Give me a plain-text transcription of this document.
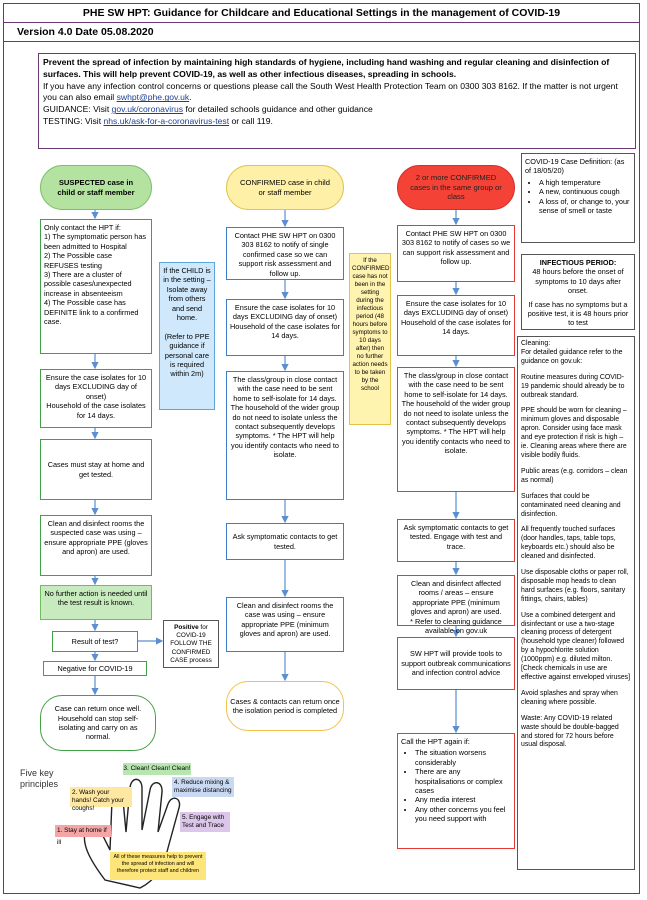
PHE SW HPT: Guidance for Childcare and Educational Settings in the management of COVID-19
Version 4.0 Date 05.08.2020

Prevent the spread of infection by maintaining high standards of hygiene, including hand washing and regular cleaning and disinfection of surfaces. This will help prevent COVID-19, as well as other infectious diseases, spreading in schools.

If you have any infection control concerns or questions please call the South West Health Protection Team on 0300 303 8162. If the matter is not urgent you can also email swhpt@phe.gov.uk.

GUIDANCE: Visit gov.uk/coronavirus for detailed schools guidance and other guidance

TESTING: Visit nhs.uk/ask-for-a-coronavirus-test or call 119.

SUSPECTED case in child or staff member
Only contact the HPT if:
1) The symptomatic person has been admitted to Hospital
2) The Possible case REFUSES testing
3) There are a cluster of possible cases/unexpected increase in absenteeism
4) The Possible case has DEFINITE link to a confirmed case.
Ensure the case isolates for 10 days EXCLUDING day of onset)
Household of the case isolates for 14 days.
Cases must stay at home and get tested.
Clean and disinfect rooms the suspected case was using – ensure appropriate PPE (gloves and apron) are used.
No further action is needed until the test result is known.
Result of test?
Negative for COVID-19
Case can return once well. Household can stop self-isolating and carry on as normal.
If the CHILD is in the setting – Isolate away from others and send home.

(Refer to PPE guidance if personal care is required within 2m)
Positive for COVID-19 FOLLOW THE CONFIRMED CASE process
CONFIRMED case in child or staff member
Contact PHE SW HPT on 0300 303 8162 to notify of single confirmed case so we can support risk assessment and follow up.
Ensure the case isolates for 10 days EXCLUDING day of onset)
Household of the case isolates for 14 days.
The class/group in close contact with the case need to be sent home to self-isolate for 14 days. The household of the wider group do not need to isolate unless the contact subsequently develops symptoms. * The HPT will help you identify contacts who need to isolate.
Ask symptomatic contacts to get tested.
Clean and disinfect rooms the case was using – ensure appropriate PPE (minimum gloves and apron) are used.
Cases & contacts can return once the isolation period is completed
If the CONFIRMED case has not been in the setting during the infectious period (48 hours before symptoms to 10 days after) then no further action needs to be taken by the school
2 or more CONFIRMED cases in the same group or class
Contact PHE SW HPT on 0300 303 8162 to notify of cases so we can support risk assessment and follow up.
Ensure the case isolates for 10 days EXCLUDING day of onset)
Household of the case isolates for 14 days.
The class/group in close contact with the case need to be sent home to self-isolate for 14 days. The household of the wider group do not need to isolate unless the contact subsequently develops symptoms. * The HPT will help you identify contacts who need to isolate.
Ask symptomatic contacts to get tested. Engage with test and trace.
Clean and disinfect affected rooms / areas – ensure appropriate PPE (minimum gloves and apron) are used.
* Refer to cleaning guidance available on gov.uk
SW HPT will provide tools to support outbreak communications and infection control advice
Call the HPT again if:
• The situation worsens considerably
• There are any hospitalisations or complex cases
• Any media interest
• Any other concerns you feel you need support with
COVID-19 Case Definition: (as of 18/05/20)
• A high temperature
• A new, continuous cough
• A loss of, or change to, your sense of smell or taste
INFECTIOUS PERIOD:
48 hours before the onset of symptoms to 10 days after onset.
If case has no symptoms but a positive test, it is 48 hours prior to test
Cleaning:
For detailed guidance refer to the guidance on gov.uk:
Routine measures during COVID-19 pandemic should already be to outbreak standard.
PPE should be worn for cleaning – minimum gloves and disposable apron. Consider using face mask and eye protection if risk is high – ie. Cleaning areas where there are visible bodily fluids.
Public areas (e.g. corridors – clean as normal)
Surfaces that could be contaminated need cleaning and disinfection.
All frequently touched surfaces (door handles, taps, table tops, keyboards etc.) should also be cleaned and disinfected.
Use disposable cloths or paper roll, disposable mop heads to clean hard surfaces (e.g. floors, sanitary fittings, chairs, tables)
Use a combined detergent and disinfectant or use a two-stage cleaning process of detergent (household type cleaner) followed by a hypochlorite solution (1000ppm) e.g. diluted milton. [Check chemicals in use are effective against enveloped viruses]
Avoid splashes and spray when cleaning where possible.
Waste: Any COVID-19 related waste should be double-bagged and stored for 72 hours before usual disposal.
Five key principles
3. Clean! Clean! Clean!
2. Wash your hands! Catch your coughs!
4. Reduce mixing & maximise distancing
5. Engage with Test and Trace
1. Stay at home if ill
All of these measures help to prevent the spread of infection and will therefore protect staff and children
